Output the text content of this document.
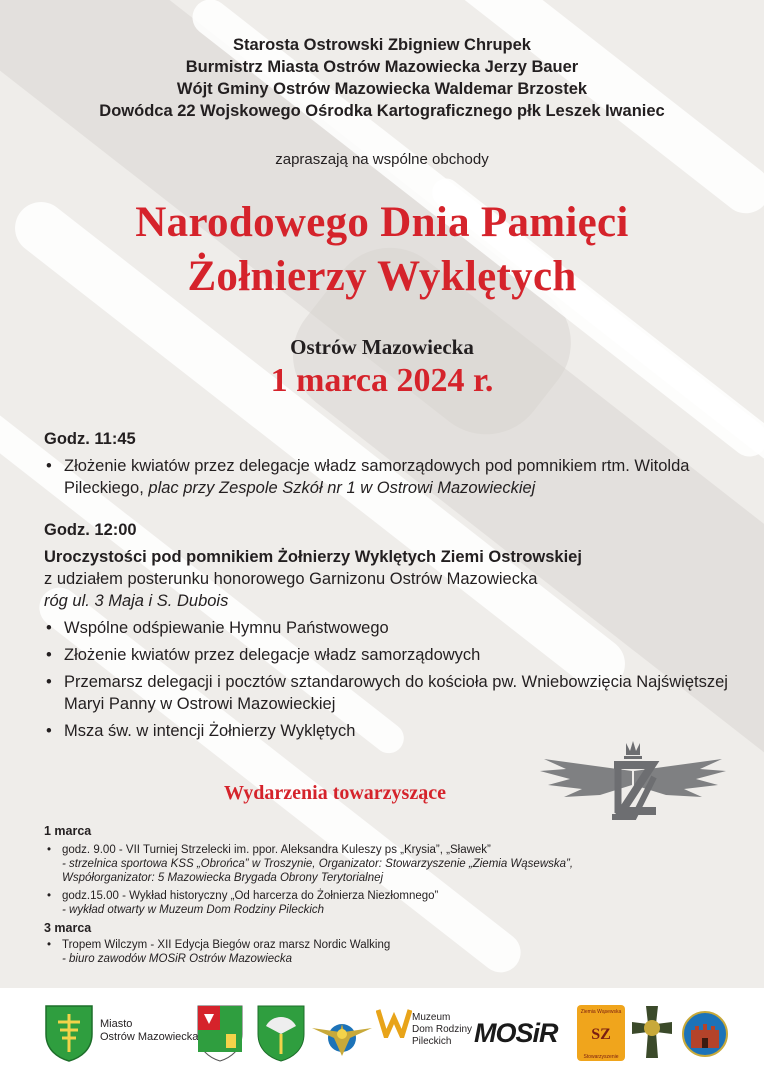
Starosta Ostrowski Zbigniew Chrupek
Burmistrz Miasta Ostrów Mazowiecka Jerzy Bauer
Wójt Gminy Ostrów Mazowiecka Waldemar Brzostek
Dowódca 22 Wojskowego Ośrodka Kartograficznego płk Leszek Iwaniec
zapraszają na wspólne obchody
Narodowego Dnia Pamięci
Żołnierzy Wyklętych
Ostrów Mazowiecka
1 marca 2024 r.
Godz. 11:45
• Złożenie kwiatów przez delegacje władz samorządowych pod pomnikiem rtm. Witolda Pileckiego, plac przy Zespole Szkół nr 1 w Ostrowi Mazowieckiej
Godz. 12:00
Uroczystości pod pomnikiem Żołnierzy Wyklętych Ziemi Ostrowskiej
z udziałem posterunku honorowego Garnizonu Ostrów Mazowiecka
róg ul. 3 Maja i S. Dubois
• Wspólne odśpiewanie Hymnu Państwowego
• Złożenie kwiatów przez delegacje władz samorządowych
• Przemarsz delegacji i pocztów sztandarowych do kościoła pw. Wniebowzięcia Najświętszej Maryi Panny w Ostrowi Mazowieckiej
• Msza św. w intencji Żołnierzy Wyklętych
Wydarzenia towarzyszące
1 marca
• godz. 9.00 - VII Turniej Strzelecki im. ppor. Aleksandra Kuleszy ps „Krysia”, „Sławek”
- strzelnica sportowa KSS „Obrońca” w Troszynie, Organizator: Stowarzyszenie „Ziemia Wąsewska”, Współorganizator: 5 Mazowiecka Brygada Obrony Terytorialnej
• godz.15.00 - Wykład historyczny „Od harcerza do Żołnierza Niezłomnego”
- wykład otwarty w Muzeum Dom Rodziny Pileckich
3 marca
• Tropem Wilczym - XII Edycja Biegów oraz marsz Nordic Walking
- biuro zawodów MOSiR Ostrów Mazowiecka
Miasto
Ostrów Mazowiecka
Muzeum
Dom Rodziny
Pileckich MOSiR
Ziemia Wąsewska
SZ
Stowarzyszenie
